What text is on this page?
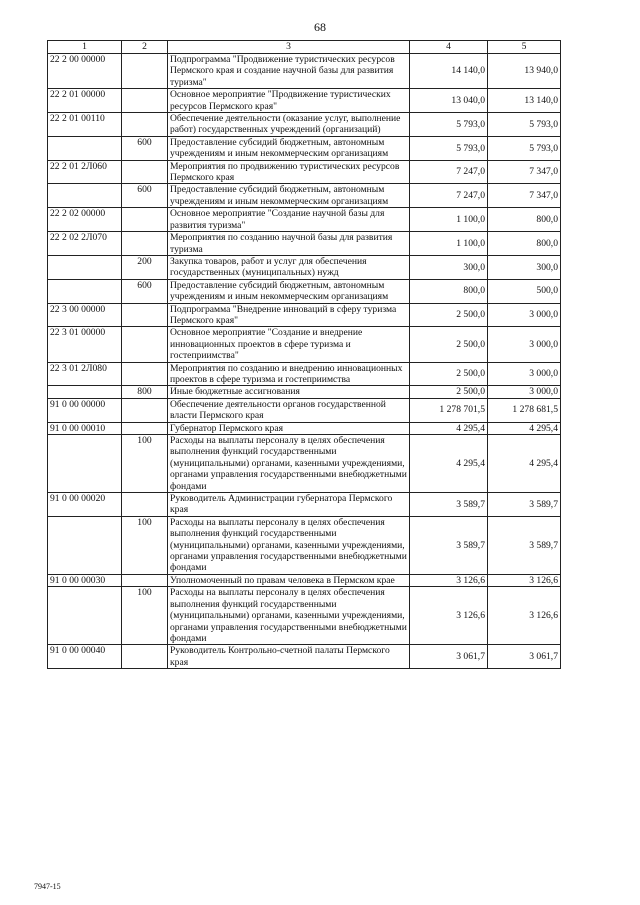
68
1	2	3	4	5
22 2 00 00000		Подпрограмма "Продвижение туристических ресурсов Пермского края и создание научной базы для развития туризма"	14 140,0	13 940,0
22 2 01 00000		Основное мероприятие "Продвижение туристических ресурсов Пермского края"	13 040,0	13 140,0
22 2 01 00110		Обеспечение деятельности (оказание услуг, выполнение работ) государственных учреждений (организаций)	5 793,0	5 793,0
	600	Предоставление субсидий бюджетным, автономным учреждениям и иным некоммерческим организациям	5 793,0	5 793,0
22 2 01 2Л060		Мероприятия по продвижению туристических ресурсов Пермского края	7 247,0	7 347,0
	600	Предоставление субсидий бюджетным, автономным учреждениям и иным некоммерческим организациям	7 247,0	7 347,0
22 2 02 00000		Основное мероприятие "Создание научной базы для развития туризма"	1 100,0	800,0
22 2 02 2Л070		Мероприятия по созданию научной базы для развития туризма	1 100,0	800,0
	200	Закупка товаров, работ и услуг для обеспечения государственных (муниципальных) нужд	300,0	300,0
	600	Предоставление субсидий бюджетным, автономным учреждениям и иным некоммерческим организациям	800,0	500,0
22 3 00 00000		Подпрограмма "Внедрение инноваций в сферу туризма Пермского края"	2 500,0	3 000,0
22 3 01 00000		Основное мероприятие "Создание и внедрение инновационных проектов в сфере туризма и гостеприимства"	2 500,0	3 000,0
22 3 01 2Л080		Мероприятия по созданию и внедрению инновационных проектов в сфере туризма и гостеприимства	2 500,0	3 000,0
	800	Иные бюджетные ассигнования	2 500,0	3 000,0
91 0 00 00000		Обеспечение деятельности органов государственной власти Пермского края	1 278 701,5	1 278 681,5
91 0 00 00010		Губернатор Пермского края	4 295,4	4 295,4
	100	Расходы на выплаты персоналу в целях обеспечения выполнения функций государственными (муниципальными) органами, казенными учреждениями, органами управления государственными внебюджетными фондами	4 295,4	4 295,4
91 0 00 00020		Руководитель Администрации губернатора Пермского края	3 589,7	3 589,7
	100	Расходы на выплаты персоналу в целях обеспечения выполнения функций государственными (муниципальными) органами, казенными учреждениями, органами управления государственными внебюджетными фондами	3 589,7	3 589,7
91 0 00 00030		Уполномоченный по правам человека в Пермском крае	3 126,6	3 126,6
	100	Расходы на выплаты персоналу в целях обеспечения выполнения функций государственными (муниципальными) органами, казенными учреждениями, органами управления государственными внебюджетными фондами	3 126,6	3 126,6
91 0 00 00040		Руководитель Контрольно-счетной палаты Пермского края	3 061,7	3 061,7
7947-15
